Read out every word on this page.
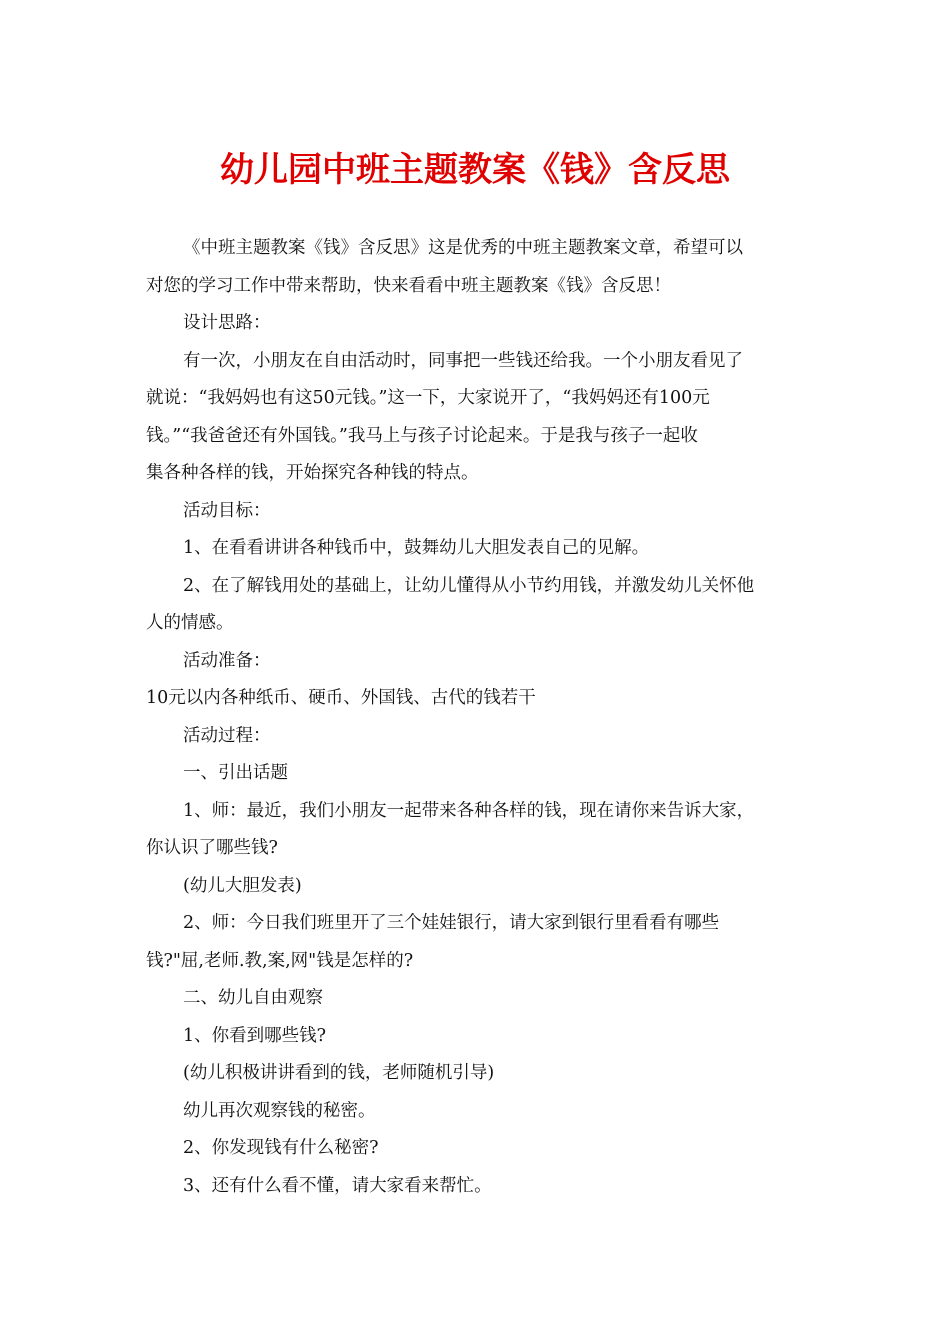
幼儿园中班主题教案《钱》含反思

《中班主题教案《钱》含反思》这是优秀的中班主题教案文章，希望可以
对您的学习工作中带来帮助，快来看看中班主题教案《钱》含反思！

设计思路：

有一次，小朋友在自由活动时，同事把一些钱还给我。一个小朋友看见了
就说：“我妈妈也有这50元钱。”这一下，大家说开了，“我妈妈还有100元
钱。”“我爸爸还有外国钱。”我马上与孩子讨论起来。于是我与孩子一起收
集各种各样的钱，开始探究各种钱的特点。

活动目标：

1、在看看讲讲各种钱币中，鼓舞幼儿大胆发表自己的见解。

2、在了解钱用处的基础上，让幼儿懂得从小节约用钱，并激发幼儿关怀他
人的情感。

活动准备：

10元以内各种纸币、硬币、外国钱、古代的钱若干

活动过程：

一、引出话题

1、师：最近，我们小朋友一起带来各种各样的钱，现在请你来告诉大家，
你认识了哪些钱?

(幼儿大胆发表)

2、师：今日我们班里开了三个娃娃银行，请大家到银行里看看有哪些
钱?"屈,老师.教,案,网"钱是怎样的?

二、幼儿自由观察

1、你看到哪些钱?

(幼儿积极讲讲看到的钱，老师随机引导)

幼儿再次观察钱的秘密。

2、你发现钱有什么秘密?

3、还有什么看不懂，请大家看来帮忙。
